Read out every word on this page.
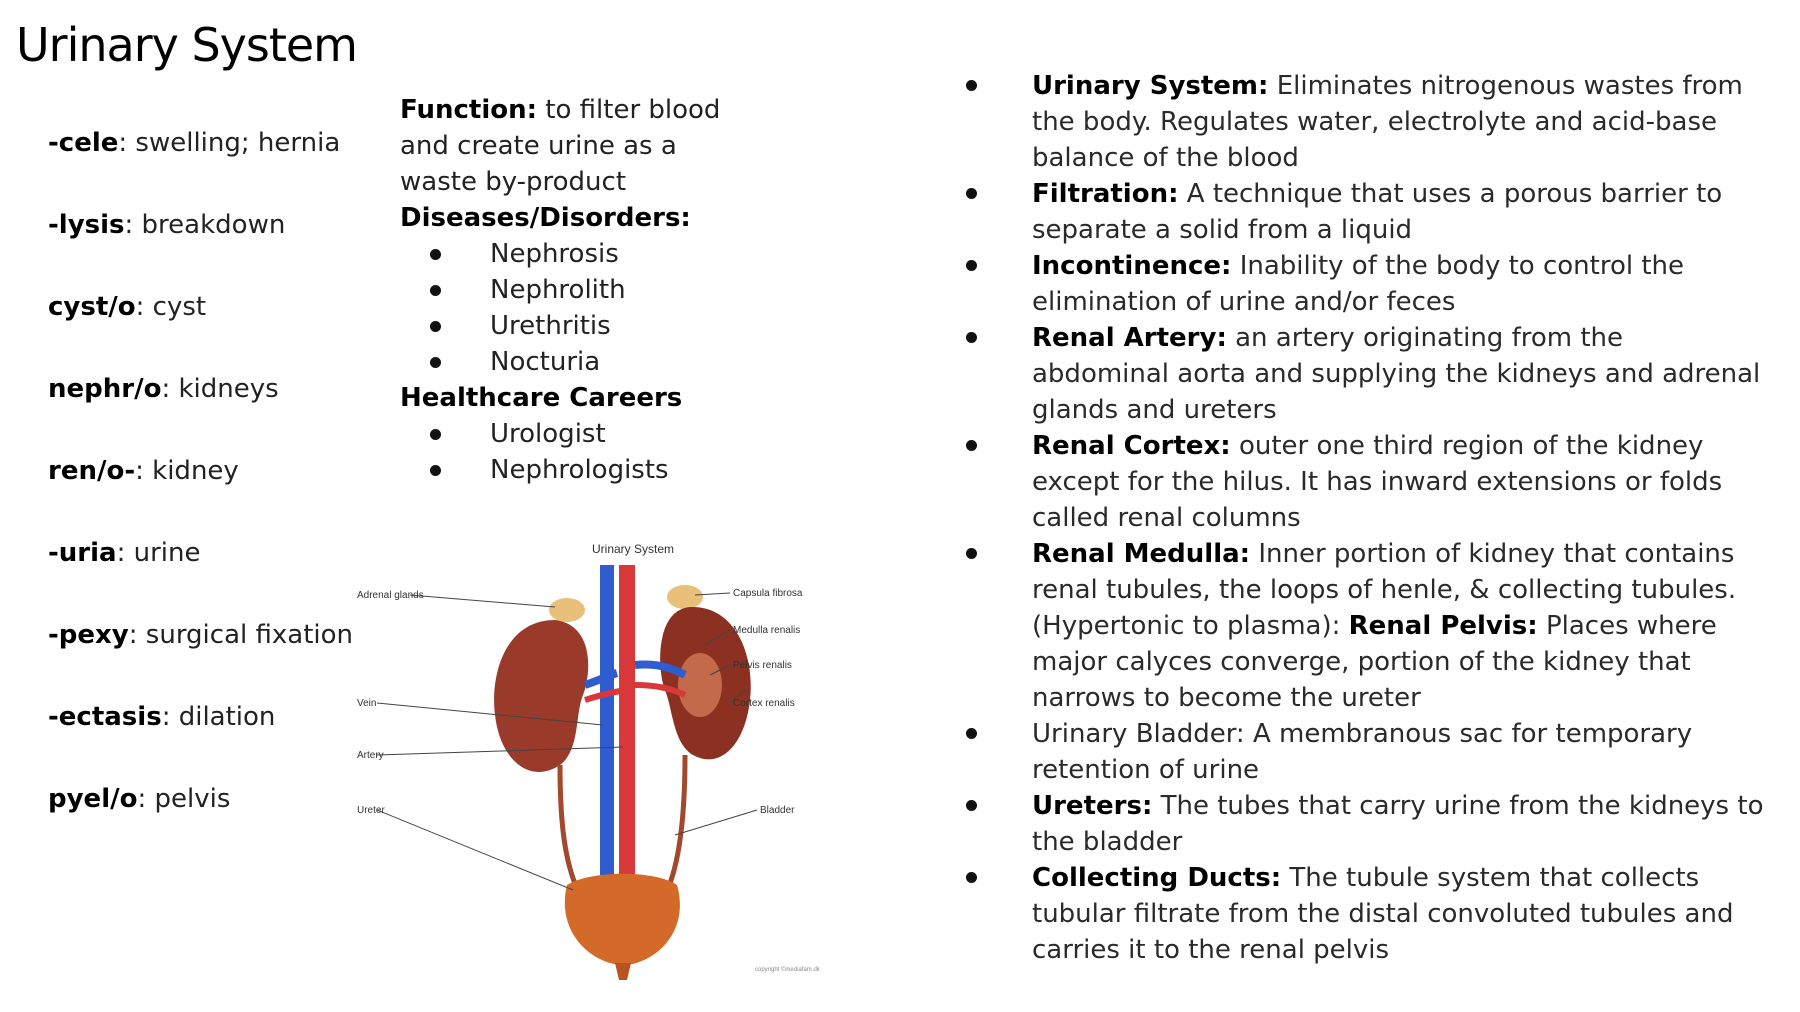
Urinary System
-cele: swelling; hernia
-lysis: breakdown
cyst/o: cyst
nephr/o: kidneys
ren/o-: kidney
-uria: urine
-pexy: surgical fixation
-ectasis: dilation
pyel/o: pelvis
Function: to filter blood and create urine as a waste by-product
Diseases/Disorders:
Nephrosis
Nephrolith
Urethritis
Nocturia
Healthcare Careers
Urologist
Nephrologists
Urinary System: Eliminates nitrogenous wastes from the body. Regulates water, electrolyte and acid-base balance of the blood
Filtration: A technique that uses a porous barrier to separate a solid from a liquid
Incontinence: Inability of the body to control the elimination of urine and/or feces
Renal Artery: an artery originating from the abdominal aorta and supplying the kidneys and adrenal glands and ureters
Renal Cortex: outer one third region of the kidney except for the hilus. It has inward extensions or folds called renal columns
Renal Medulla: Inner portion of kidney that contains renal tubules, the loops of henle, & collecting tubules. (Hypertonic to plasma): Renal Pelvis: Places where major calyces converge, portion of the kidney that narrows to become the ureter
Urinary Bladder: A membranous sac for temporary retention of urine
Ureters: The tubes that carry urine from the kidneys to the bladder
Collecting Ducts: The tubule system that collects tubular filtrate from the distal convoluted tubules and carries it to the renal pelvis
Urinary System
Adrenal glands
Vein
Artery
Ureter
Capsula fibrosa
Medulla renalis
Pelvis renalis
Cortex renalis
Bladder
copyright ©mediafam.dk
